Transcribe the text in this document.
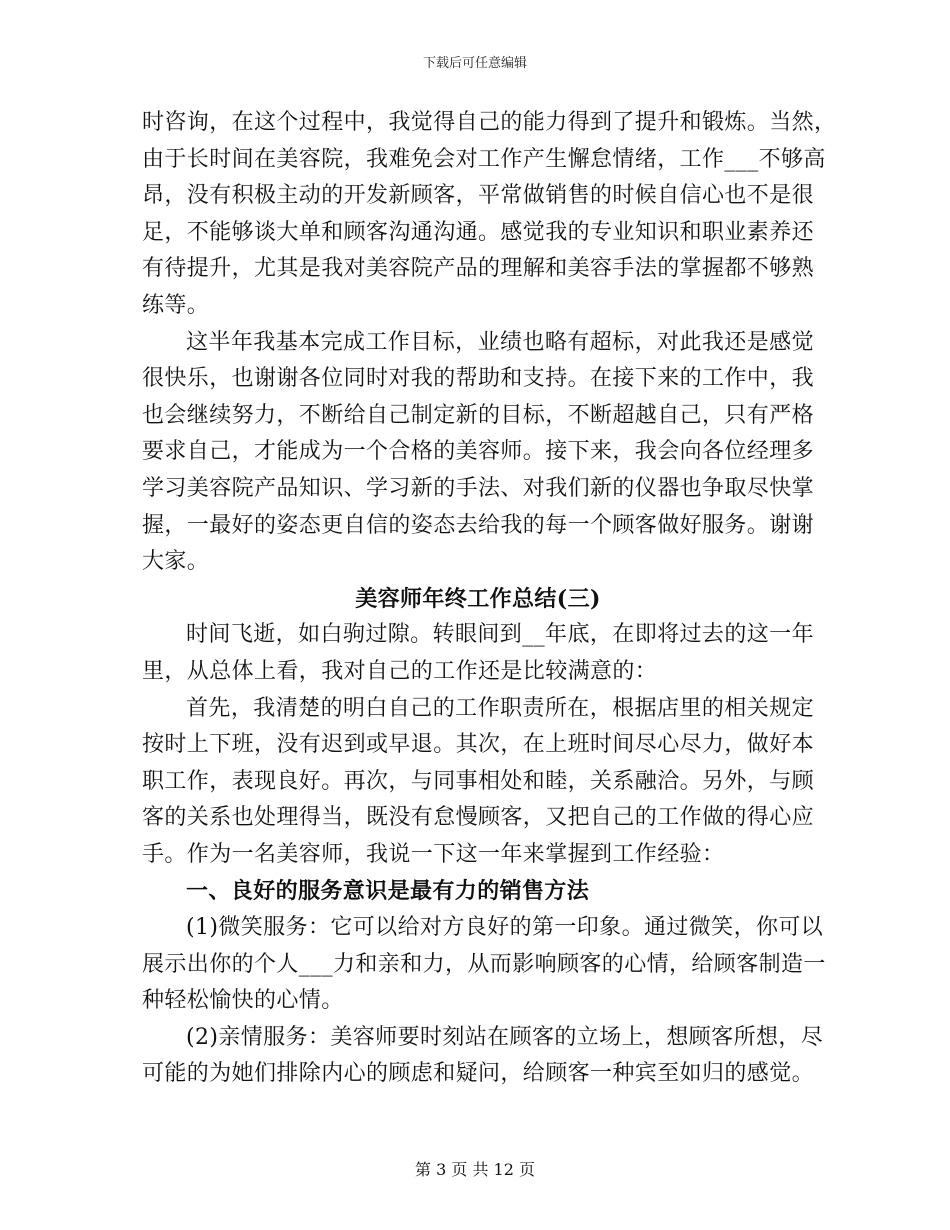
下载后可任意编辑
时咨询，在这个过程中，我觉得自己的能力得到了提升和锻炼。当然，
由于长时间在美容院，我难免会对工作产生懈怠情绪，工作___不够高
昂，没有积极主动的开发新顾客，平常做销售的时候自信心也不是很
足，不能够谈大单和顾客沟通沟通。感觉我的专业知识和职业素养还
有待提升，尤其是我对美容院产品的理解和美容手法的掌握都不够熟
练等。
这半年我基本完成工作目标，业绩也略有超标，对此我还是感觉
很快乐，也谢谢各位同时对我的帮助和支持。在接下来的工作中，我
也会继续努力，不断给自己制定新的目标，不断超越自己，只有严格
要求自己，才能成为一个合格的美容师。接下来，我会向各位经理多
学习美容院产品知识、学习新的手法、对我们新的仪器也争取尽快掌
握，一最好的姿态更自信的姿态去给我的每一个顾客做好服务。谢谢
大家。
美容师年终工作总结(三)
时间飞逝，如白驹过隙。转眼间到__年底，在即将过去的这一年
里，从总体上看，我对自己的工作还是比较满意的：
首先，我清楚的明白自己的工作职责所在，根据店里的相关规定
按时上下班，没有迟到或早退。其次，在上班时间尽心尽力，做好本
职工作，表现良好。再次，与同事相处和睦，关系融洽。另外，与顾
客的关系也处理得当，既没有怠慢顾客，又把自己的工作做的得心应
手。作为一名美容师，我说一下这一年来掌握到工作经验：
一、良好的服务意识是最有力的销售方法
(1)微笑服务：它可以给对方良好的第一印象。通过微笑，你可以
展示出你的个人___力和亲和力，从而影响顾客的心情，给顾客制造一
种轻松愉快的心情。
(2)亲情服务：美容师要时刻站在顾客的立场上，想顾客所想，尽
可能的为她们排除内心的顾虑和疑问，给顾客一种宾至如归的感觉。
第 3 页 共 12 页
